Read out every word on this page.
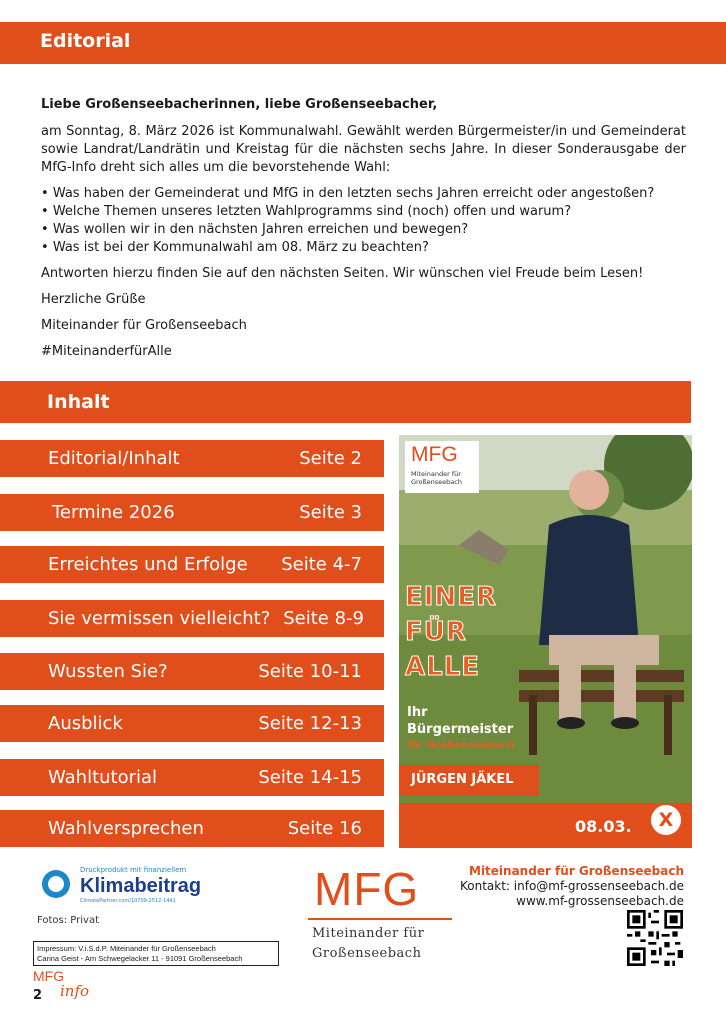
Editorial

Liebe Großenseebacherinnen, liebe Großenseebacher,

am Sonntag, 8. März 2026 ist Kommunalwahl. Gewählt werden Bürgermeister/in und Gemeinderat sowie Landrat/Landrätin und Kreistag für die nächsten sechs Jahre. In dieser Sonderausgabe der MfG-Info dreht sich alles um die bevorstehende Wahl:

• Was haben der Gemeinderat und MfG in den letzten sechs Jahren erreicht oder angestoßen?
• Welche Themen unseres letzten Wahlprogramms sind (noch) offen und warum?
• Was wollen wir in den nächsten Jahren erreichen und bewegen?
• Was ist bei der Kommunalwahl am 08. März zu beachten?

Antworten hierzu finden Sie auf den nächsten Seiten. Wir wünschen viel Freude beim Lesen!

Herzliche Grüße

Miteinander für Großenseebach

#MiteinanderfürAlle

Inhalt
Editorial/Inhalt	Seite 2
Termine 2026	Seite 3
Erreichtes und Erfolge Seite 4-7
Sie vermissen vielleicht? Seite 8-9
Wussten Sie?	Seite 10-11
Ausblick	Seite 12-13
Wahltutorial	Seite 14-15
Wahlversprechen	Seite 16
MFG
Miteinander für
Großenseebach
EINER
FÜR
ALLE
Ihr
Bürgermeister
für Großenseebach
JÜRGEN JÄKEL
08.03.	X
Druckprodukt mit finanziellem
Klimabeitrag
ClimatePartner.com/10709-2512-1441
Fotos: Privat
Impressum: V.i.S.d.P. Miteinander für Großenseebach
Carina Geist - Am Schwegelacker 11 - 91091 Großenseebach
MFG
Miteinander für
Großenseebach
Miteinander für Großenseebach
Kontakt: info@mf-grossenseebach.de
www.mf-grossenseebach.de
MFG
2 info
